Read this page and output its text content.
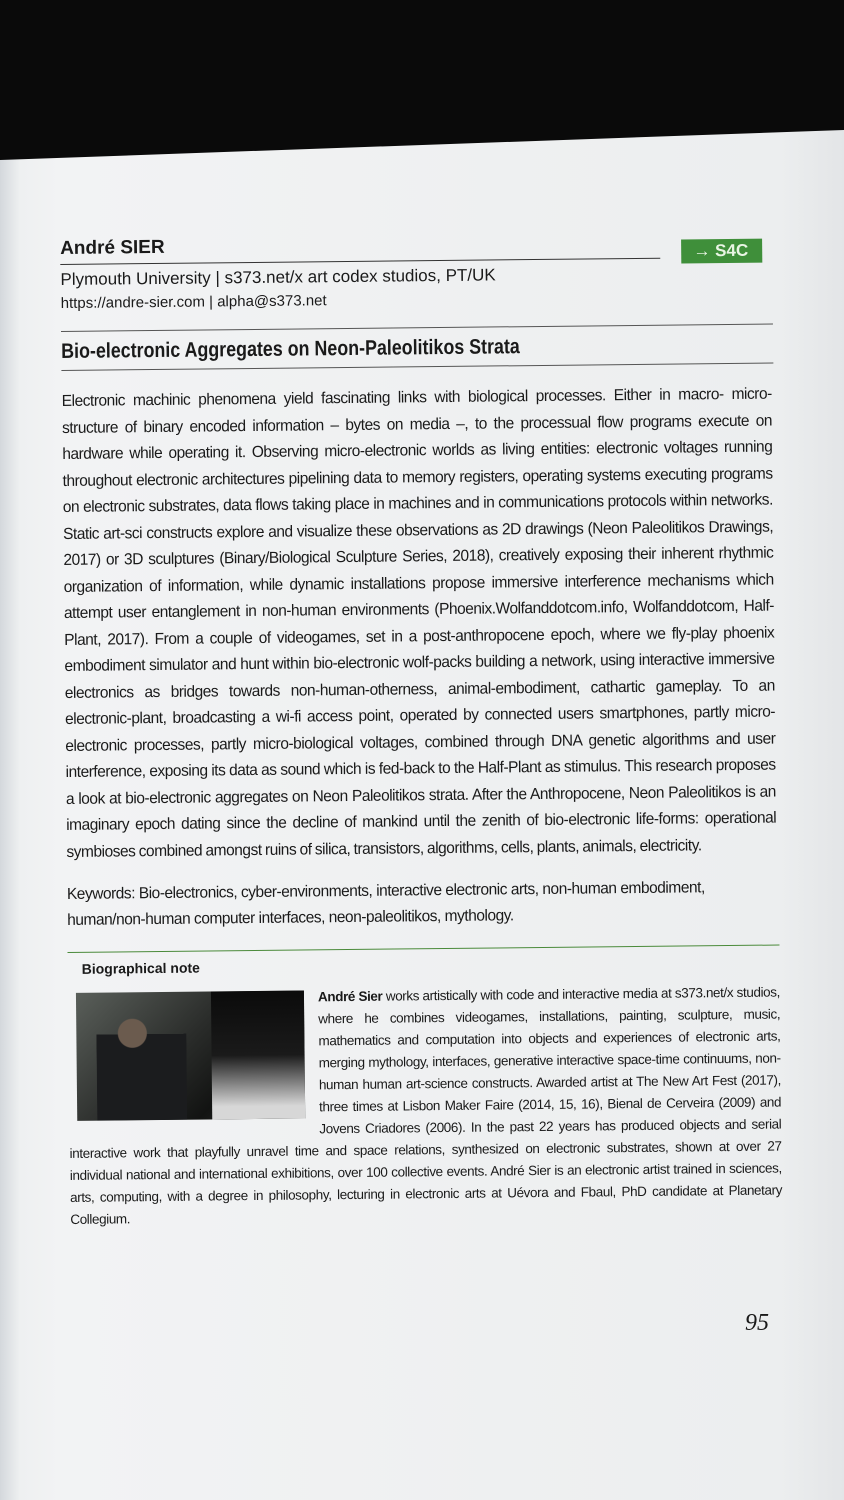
André SIER	→ S4C

Plymouth University | s373.net/x art codex studios, PT/UK

https://andre-sier.com | alpha@s373.net

Bio-electronic Aggregates on Neon-Paleolitikos Strata

Electronic machinic phenomena yield fascinating links with biological processes. Either in macro- micro-structure of binary encoded information – bytes on media –, to the processual flow programs execute on hardware while operating it. Observing micro-electronic worlds as living entities: electronic voltages running throughout electronic architectures pipelining data to memory registers, operating systems executing programs on electronic substrates, data flows taking place in machines and in communications protocols within networks. Static art-sci constructs explore and visualize these observations as 2D drawings (Neon Paleolitikos Drawings, 2017) or 3D sculptures (Binary/Biological Sculpture Series, 2018), creatively exposing their inherent rhythmic organization of information, while dynamic installations propose immersive interference mechanisms which attempt user entanglement in non-human environments (Phoenix.Wolfanddotcom.info, Wolfanddotcom, Half-Plant, 2017). From a couple of videogames, set in a post-anthropocene epoch, where we fly-play phoenix embodiment simulator and hunt within bio-electronic wolf-packs building a network, using interactive immersive electronics as bridges towards non-human-otherness, animal-embodiment, cathartic gameplay. To an electronic-plant, broadcasting a wi-fi access point, operated by connected users smartphones, partly micro-electronic processes, partly micro-biological voltages, combined through DNA genetic algorithms and user interference, exposing its data as sound which is fed-back to the Half-Plant as stimulus. This research proposes a look at bio-electronic aggregates on Neon Paleolitikos strata. After the Anthropocene, Neon Paleolitikos is an imaginary epoch dating since the decline of mankind until the zenith of bio-electronic life-forms: operational symbioses combined amongst ruins of silica, transistors, algorithms, cells, plants, animals, electricity.

Keywords: Bio-electronics, cyber-environments, interactive electronic arts, non-human embodiment, human/non-human computer interfaces, neon-paleolitikos, mythology.

Biographical note

André Sier works artistically with code and interactive media at s373.net/x studios, where he combines videogames, installations, painting, sculpture, music, mathematics and computation into objects and experiences of electronic arts, merging mythology, interfaces, generative interactive space-time continuums, non-human human art-science constructs. Awarded artist at The New Art Fest (2017), three times at Lisbon Maker Faire (2014, 15, 16), Bienal de Cerveira (2009) and Jovens Criadores (2006). In the past 22 years has produced objects and serial interactive work that playfully unravel time and space relations, synthesized on electronic substrates, shown at over 27 individual national and international exhibitions, over 100 collective events. André Sier is an electronic artist trained in sciences, arts, computing, with a degree in philosophy, lecturing in electronic arts at Uévora and Fbaul, PhD candidate at Planetary Collegium.

95
